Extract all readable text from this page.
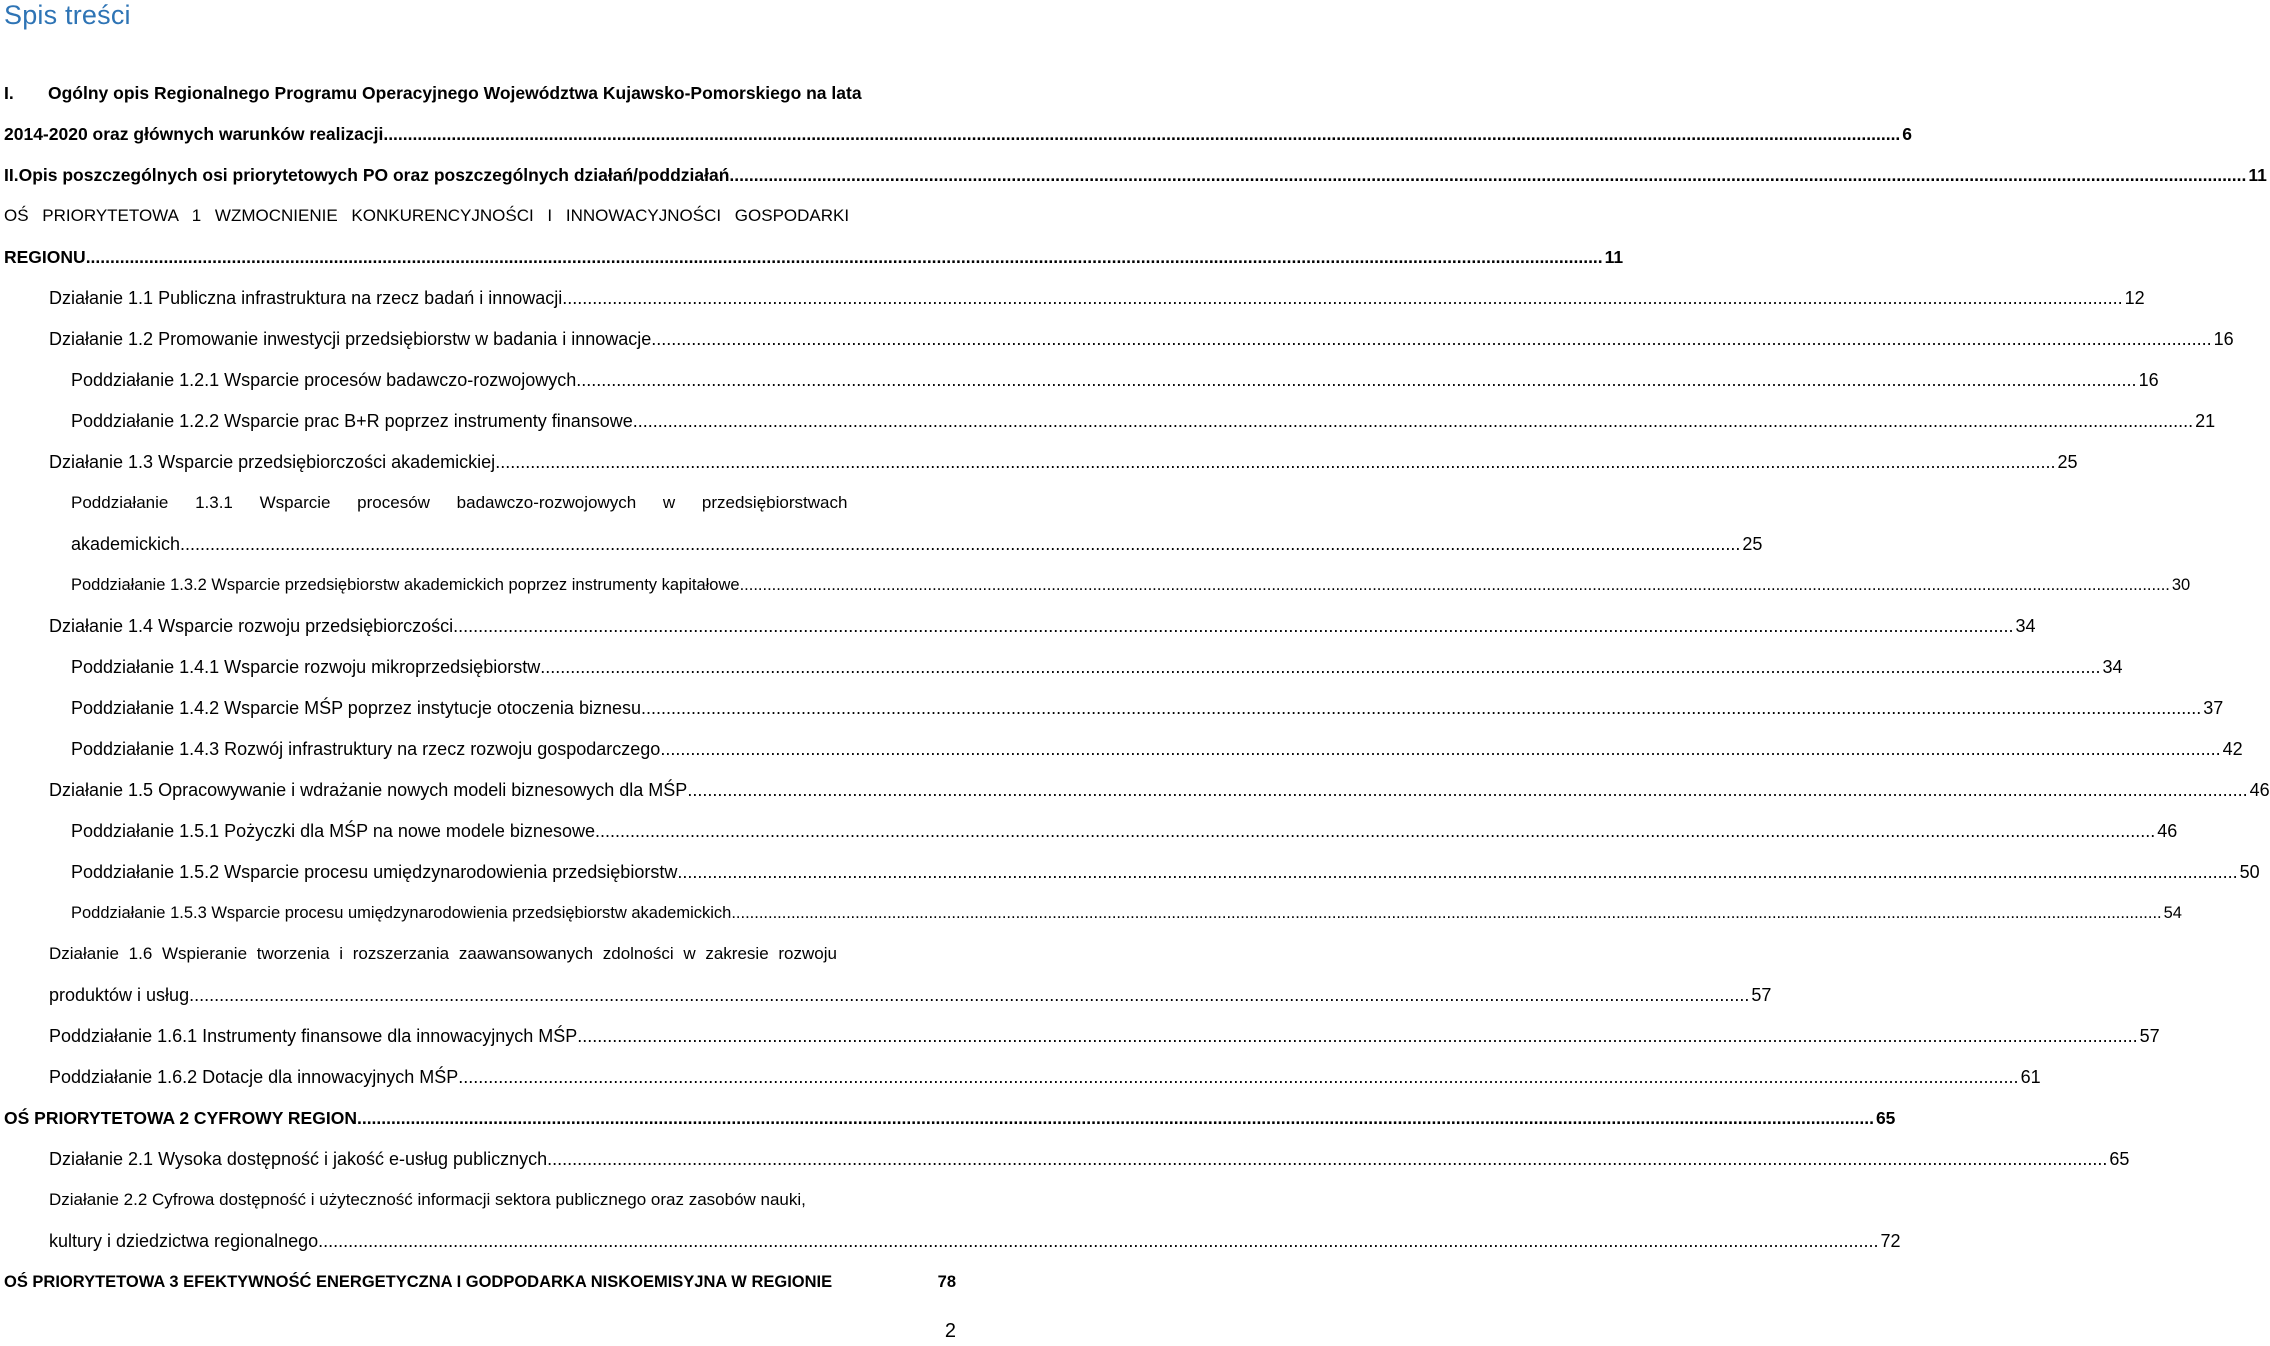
Spis treści
I.	Ogólny opis Regionalnego Programu Operacyjnego Województwa Kujawsko-Pomorskiego na lata
2014-2020 oraz głównych warunków realizacji .....	6
II. Opis poszczególnych osi priorytetowych PO oraz poszczególnych działań/poddziałań .....	11
OŚ PRIORYTETOWA 1 WZMOCNIENIE KONKURENCYJNOŚCI I INNOWACYJNOŚCI GOSPODARKI
REGIONU .....	11
Działanie 1.1 Publiczna infrastruktura na rzecz badań i innowacji .....	12
Działanie 1.2 Promowanie inwestycji przedsiębiorstw w badania i innowacje .....	16
Poddziałanie 1.2.1 Wsparcie procesów badawczo-rozwojowych .....	16
Poddziałanie 1.2.2 Wsparcie prac B+R poprzez instrumenty finansowe .....	21
Działanie 1.3 Wsparcie przedsiębiorczości akademickiej .....	25
Poddziałanie 1.3.1 Wsparcie procesów badawczo-rozwojowych w przedsiębiorstwach
akademickich .....	25
Poddziałanie 1.3.2 Wsparcie przedsiębiorstw akademickich poprzez instrumenty kapitałowe .....	30
Działanie 1.4 Wsparcie rozwoju przedsiębiorczości .....	34
Poddziałanie 1.4.1 Wsparcie rozwoju mikroprzedsiębiorstw .....	34
Poddziałanie 1.4.2 Wsparcie MŚP poprzez instytucje otoczenia biznesu .....	37
Poddziałanie 1.4.3 Rozwój infrastruktury na rzecz rozwoju gospodarczego .....	42
Działanie 1.5 Opracowywanie i wdrażanie nowych modeli biznesowych dla MŚP .....	46
Poddziałanie 1.5.1 Pożyczki dla MŚP na nowe modele biznesowe .....	46
Poddziałanie 1.5.2 Wsparcie procesu umiędzynarodowienia przedsiębiorstw .....	50
Poddziałanie 1.5.3 Wsparcie procesu umiędzynarodowienia przedsiębiorstw akademickich .....	54
Działanie 1.6 Wspieranie tworzenia i rozszerzania zaawansowanych zdolności w zakresie rozwoju
produktów i usług .....	57
Poddziałanie 1.6.1 Instrumenty finansowe dla innowacyjnych MŚP .....	57
Poddziałanie 1.6.2 Dotacje dla innowacyjnych MŚP .....	61
OŚ PRIORYTETOWA 2 CYFROWY REGION .....	65
Działanie 2.1 Wysoka dostępność i jakość e-usług publicznych .....	65
Działanie 2.2 Cyfrowa dostępność i użyteczność informacji sektora publicznego oraz zasobów nauki,
kultury i dziedzictwa regionalnego .....	72
OŚ PRIORYTETOWA 3 EFEKTYWNOŚĆ ENERGETYCZNA I GODPODARKA NISKOEMISYJNA W REGIONIE	78
2
